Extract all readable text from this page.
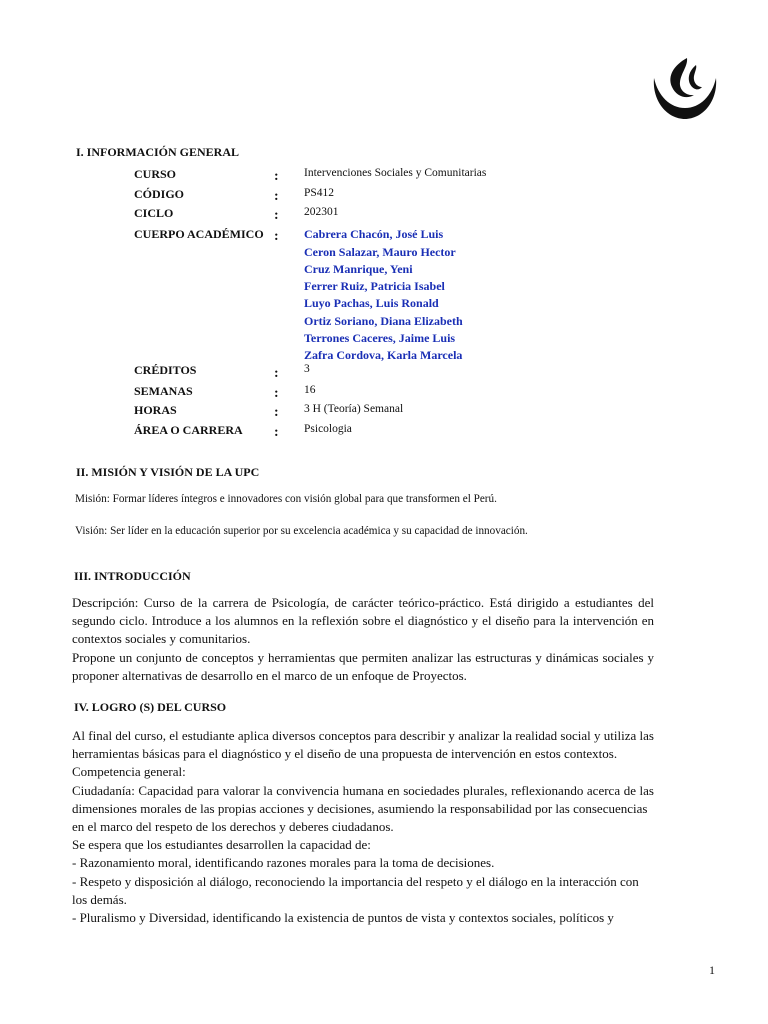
I. INFORMACIÓN GENERAL
CURSO	: Intervenciones Sociales y Comunitarias
CÓDIGO	: PS412
CICLO	: 202301
CUERPO ACADÉMICO : Cabrera Chacón, José Luis
Ceron Salazar, Mauro Hector
Cruz Manrique, Yeni
Ferrer Ruiz, Patricia Isabel
Luyo Pachas, Luis Ronald
Ortiz Soriano, Diana Elizabeth
Terrones Caceres, Jaime Luis
Zafra Cordova, Karla Marcela
CRÉDITOS	: 3
SEMANAS	: 16
HORAS	: 3 H (Teoría) Semanal
ÁREA O CARRERA : Psicologia
II. MISIÓN Y VISIÓN DE LA UPC
Misión: Formar líderes íntegros e innovadores con visión global para que transformen el Perú.
Visión: Ser líder en la educación superior por su excelencia académica y su capacidad de innovación.
III. INTRODUCCIÓN
Descripción: Curso de la carrera de Psicología, de carácter teórico-práctico. Está dirigido a estudiantes del
segundo ciclo. Introduce a los alumnos en la reflexión sobre el diagnóstico y el diseño para la intervención en
contextos sociales y comunitarios.
Propone un conjunto de conceptos y herramientas que permiten analizar las estructuras y dinámicas sociales y
proponer alternativas de desarrollo en el marco de un enfoque de Proyectos.
IV. LOGRO (S) DEL CURSO
Al final del curso, el estudiante aplica diversos conceptos para describir y analizar la realidad social y utiliza las
herramientas básicas para el diagnóstico y el diseño de una propuesta de intervención en estos contextos.
Competencia general:
Ciudadanía: Capacidad para valorar la convivencia humana en sociedades plurales, reflexionando acerca de las
dimensiones morales de las propias acciones y decisiones, asumiendo la responsabilidad por las consecuencias
en el marco del respeto de los derechos y deberes ciudadanos.
Se espera que los estudiantes desarrollen la capacidad de:
- Razonamiento moral, identificando razones morales para la toma de decisiones.
- Respeto y disposición al diálogo, reconociendo la importancia del respeto y el diálogo en la interacción con
los demás.
- Pluralismo y Diversidad, identificando la existencia de puntos de vista y contextos sociales, políticos y
1
